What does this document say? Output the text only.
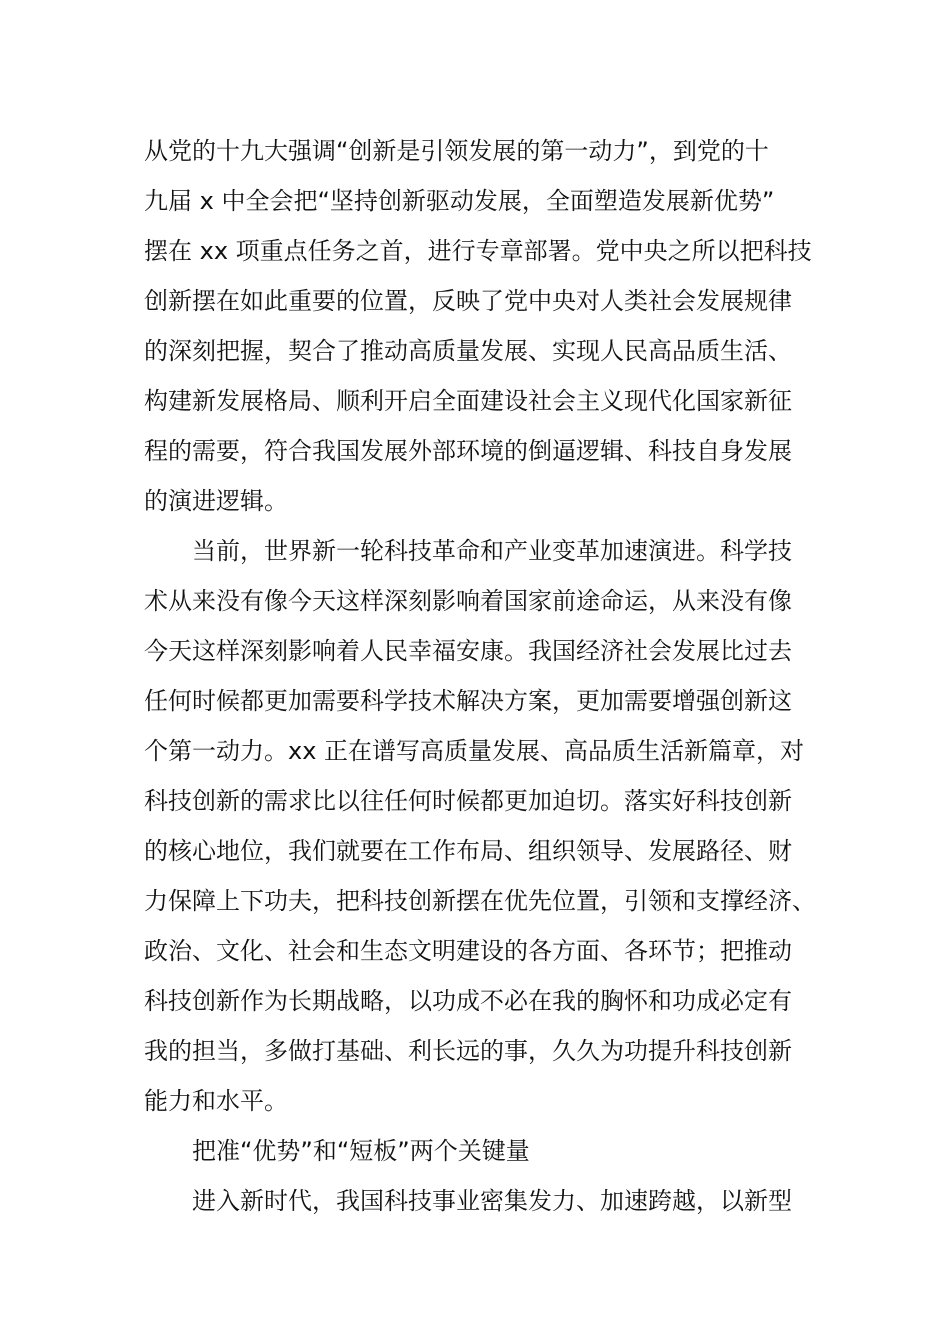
从党的十九大强调“创新是引领发展的第一动力”，到党的十
九届 x 中全会把“坚持创新驱动发展，全面塑造发展新优势”
摆在 xx 项重点任务之首，进行专章部署。党中央之所以把科技
创新摆在如此重要的位置，反映了党中央对人类社会发展规律
的深刻把握，契合了推动高质量发展、实现人民高品质生活、
构建新发展格局、顺利开启全面建设社会主义现代化国家新征
程的需要，符合我国发展外部环境的倒逼逻辑、科技自身发展
的演进逻辑。
当前，世界新一轮科技革命和产业变革加速演进。科学技
术从来没有像今天这样深刻影响着国家前途命运，从来没有像
今天这样深刻影响着人民幸福安康。我国经济社会发展比过去
任何时候都更加需要科学技术解决方案，更加需要增强创新这
个第一动力。xx 正在谱写高质量发展、高品质生活新篇章，对
科技创新的需求比以往任何时候都更加迫切。落实好科技创新
的核心地位，我们就要在工作布局、组织领导、发展路径、财
力保障上下功夫，把科技创新摆在优先位置，引领和支撑经济、
政治、文化、社会和生态文明建设的各方面、各环节；把推动
科技创新作为长期战略，以功成不必在我的胸怀和功成必定有
我的担当，多做打基础、利长远的事，久久为功提升科技创新
能力和水平。
把准“优势”和“短板”两个关键量
进入新时代，我国科技事业密集发力、加速跨越，以新型
